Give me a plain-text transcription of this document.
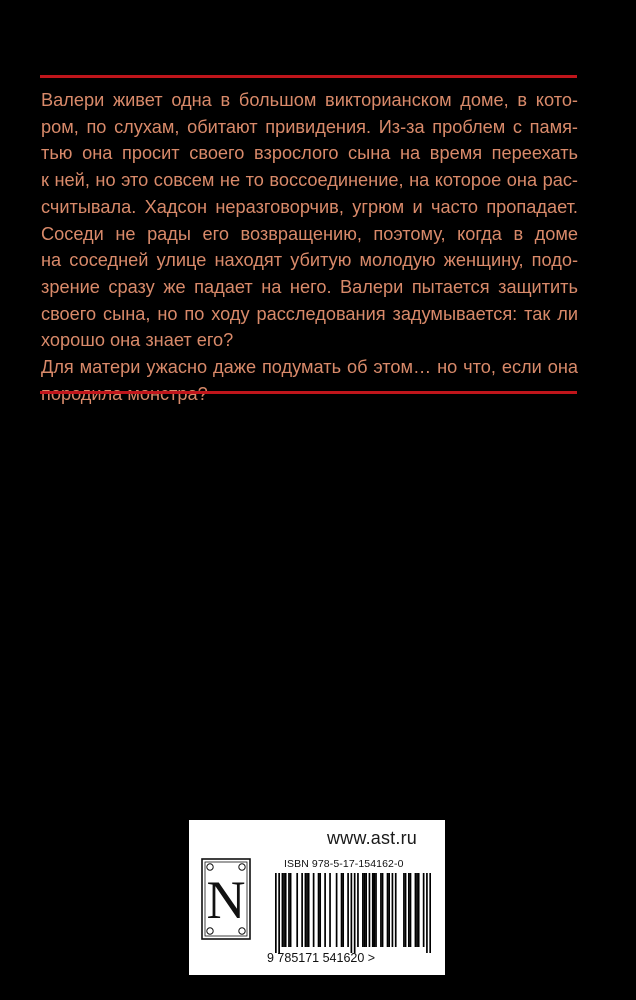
Валери живет одна в большом викторианском доме, в кото-
ром, по слухам, обитают привидения. Из-за проблем с памя-
тью она просит своего взрослого сына на время переехать
к ней, но это совсем не то воссоединение, на которое она рас-
считывала. Хадсон неразговорчив, угрюм и часто пропадает.
Соседи не рады его возвращению, поэтому, когда в доме
на соседней улице находят убитую молодую женщину, подо-
зрение сразу же падает на него. Валери пытается защитить
своего сына, но по ходу расследования задумывается: так ли
хорошо она знает его?
Для матери ужасно даже подумать об этом… но что, если она
www.ast.ru
N
ISBN 978-5-17-154162-0
9 785171 541620 >
